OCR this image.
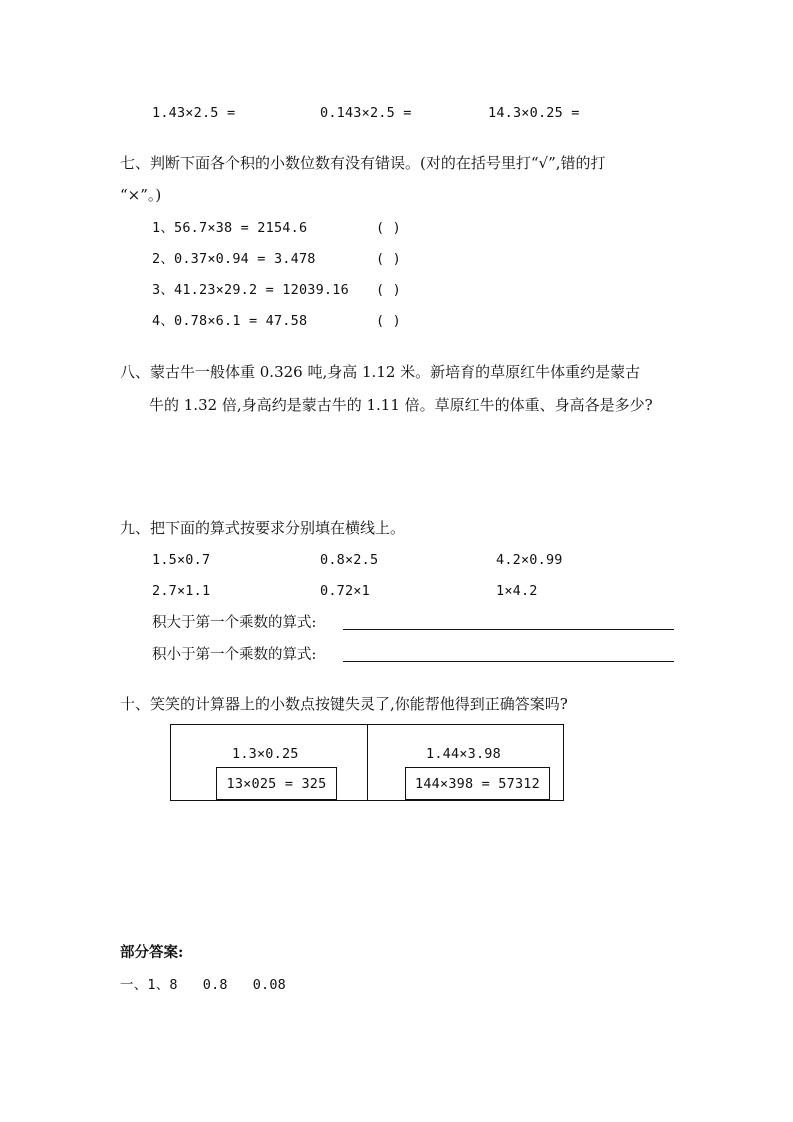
1.43×2.5 =	0.143×2.5 =	14.3×0.25 =
七、判断下面各个积的小数位数有没有错误。(对的在括号里打“√”,错的打
“×”。)
1、56.7×38 = 2154.6	( )
2、0.37×0.94 = 3.478	( )
3、41.23×29.2 = 12039.16 ( )
4、0.78×6.1 = 47.58	( )
八、蒙古牛一般体重 0.326 吨,身高 1.12 米。新培育的草原红牛体重约是蒙古
牛的 1.32 倍,身高约是蒙古牛的 1.11 倍。草原红牛的体重、身高各是多少?
九、把下面的算式按要求分别填在横线上。
1.5×0.7	0.8×2.5	4.2×0.99
2.7×1.1	0.72×1	1×4.2
积大于第一个乘数的算式:
积小于第一个乘数的算式:
十、笑笑的计算器上的小数点按键失灵了,你能帮他得到正确答案吗?
1.3×0.25
13×025 = 325
1.44×3.98
144×398 = 57312
部分答案:
一、1、8   0.8   0.08
